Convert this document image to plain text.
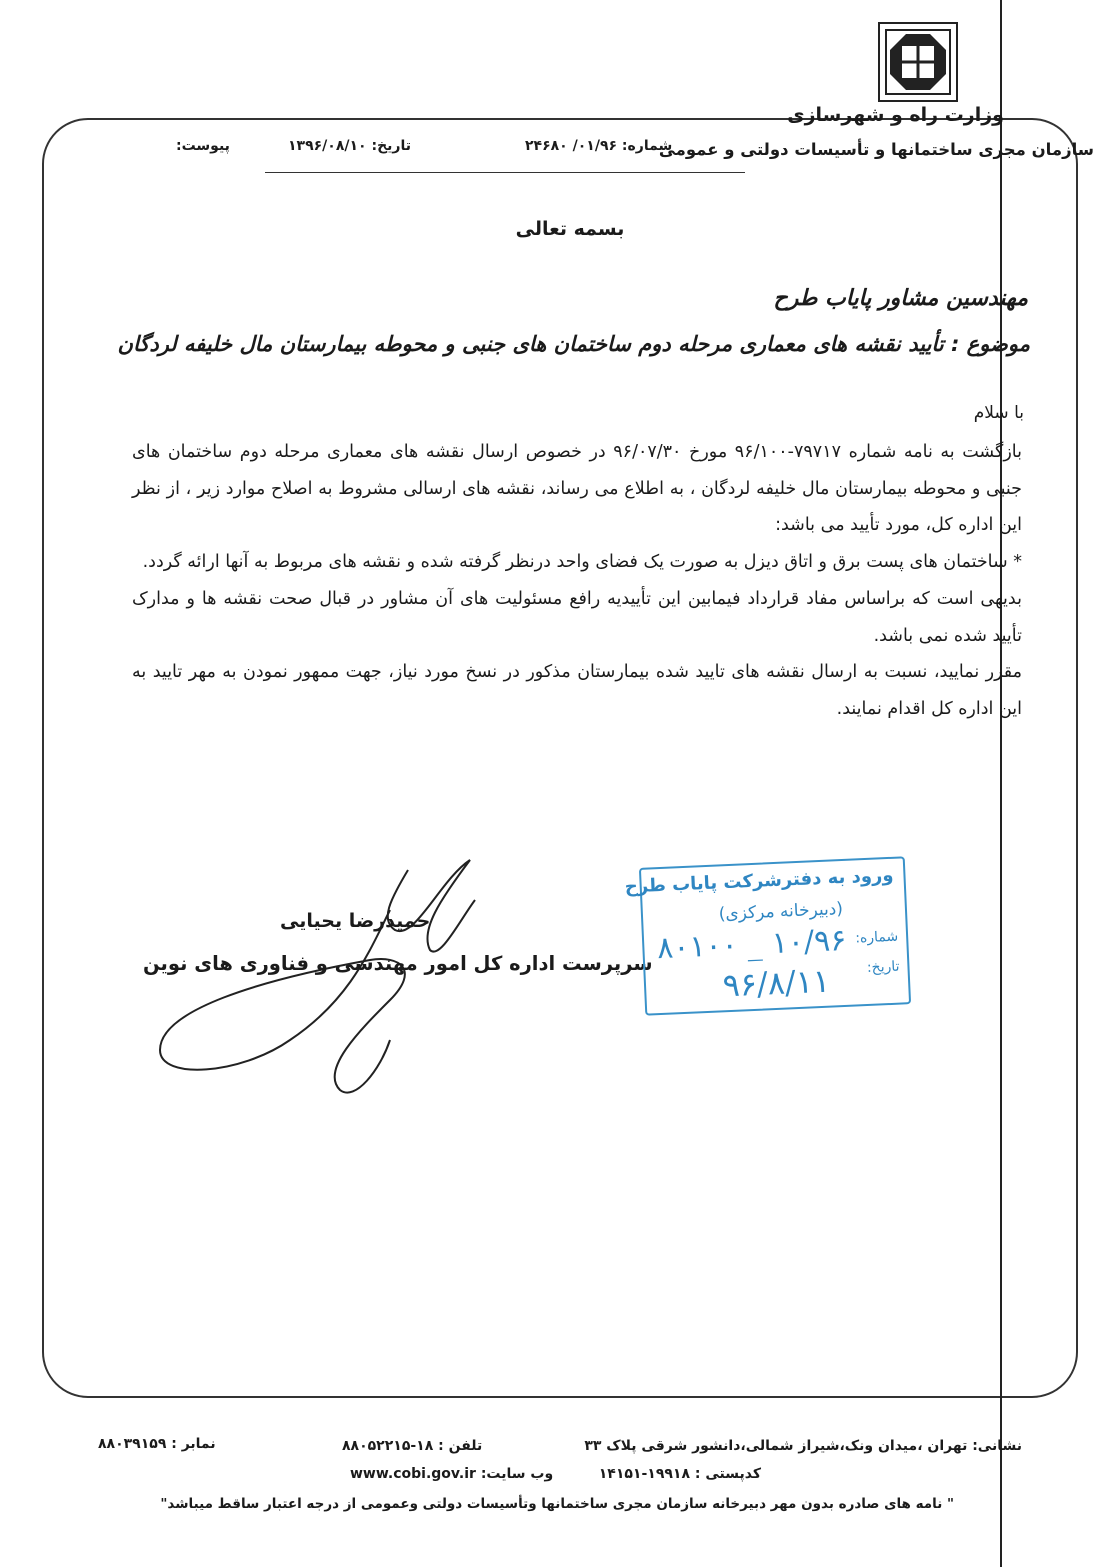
وزارت راه و شهرسازی
سازمان مجری ساختمانها و تأسیسات دولتی و عمومی
شماره: ۰۱/۹۶/ ۲۴۶۸۰
تاریخ: ۱۳۹۶/۰۸/۱۰
پیوست:
بسمه تعالی
مهندسین مشاور پایاب طرح
موضوع : تأیید نقشه های معماری مرحله دوم ساختمان های جنبی و محوطه بیمارستان مال خلیفه لردگان
با سلام

بازگشت به نامه شماره ۷۹۷۱۷-۹۶/۱۰۰ مورخ ۹۶/۰۷/۳۰ در خصوص ارسال نقشه های معماری مرحله دوم ساختمان های جنبی و محوطه بیمارستان مال خلیفه لردگان ، به اطلاع می رساند، نقشه های ارسالی مشروط به اصلاح موارد زیر ، از نظر این اداره کل، مورد تأیید می باشد:

* ساختمان های پست برق و اتاق دیزل به صورت یک فضای واحد درنظر گرفته شده و نقشه های مربوط به آنها ارائه گردد.

بدیهی است که براساس مفاد قرارداد فیمابین این تأییدیه رافع مسئولیت های آن مشاور در قبال صحت نقشه ها و مدارک تأیید شده نمی باشد.

مقرر نمایید، نسبت به ارسال نقشه های تایید شده بیمارستان مذکور در نسخ مورد نیاز، جهت ممهور نمودن به مهر تایید به این اداره کل اقدام نمایند.

حمیدرضا یحیایی
سرپرست اداره کل امور مهندسی و فناوری های نوین
ورود به دفترشرکت پایاب طرح
(دبیرخانه مرکزی)
شماره:
۱۰/۹۶ _ ۸۰۱۰۰
تاریخ:
۹۶/۸/۱۱
نشانی: تهران ،میدان ونک،شیراز شمالی،دانشور شرقی پلاک ۳۳
کدپستی : ۱۹۹۱۸-۱۴۱۵۱
تلفن : ۱۸-۸۸۰۵۲۲۱۵
وب سایت: www.cobi.gov.ir
نمابر : ۸۸۰۳۹۱۵۹
" نامه های صادره بدون مهر دبیرخانه سازمان مجری ساختمانها وتأسیسات دولتی وعمومی از درجه اعتبار ساقط میباشد"
